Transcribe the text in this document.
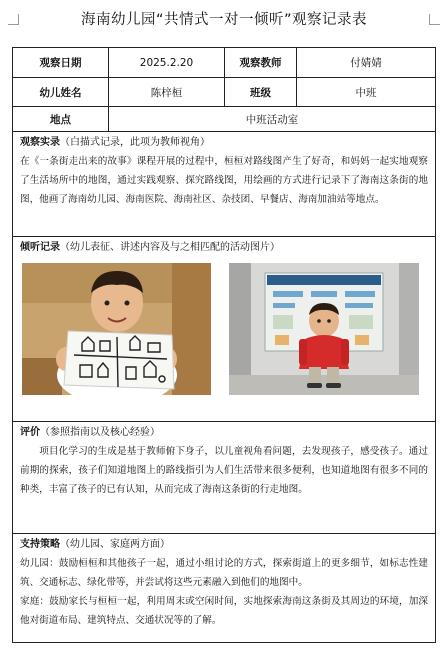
海南幼儿园“共情式一对一倾听”观察记录表
观察日期	2025.2.20	观察教师	付婧婧
幼儿姓名	陈梓桓	班级	中班
地点	中班活动室
观察实录（白描式记录，此项为教师视角）

在《一条街走出来的故事》课程开展的过程中，桓桓对路线图产生了好奇，和妈妈一起实地观察了生活场所中的地图，通过实践观察、探究路线图，用绘画的方式进行记录下了海南这条街的地图，他画了海南幼儿园、海南医院、海南社区、杂技团、早餐店、海南加油站等地点。

倾听记录（幼儿表征、讲述内容及与之相匹配的活动图片）
评价（参照指南以及核心经验）

项目化学习的生成是基于教师俯下身子，以儿童视角看问题，去发现孩子，感受孩子。通过前期的探索，孩子们知道地图上的路线指引为人们生活带来很多便利，也知道地图有很多不同的种类，丰富了孩子的已有认知，从而完成了海南这条街的行走地图。

支持策略（幼儿园、家庭两方面）

幼儿园：鼓励桓桓和其他孩子一起，通过小组讨论的方式，探索街道上的更多细节，如标志性建筑、交通标志、绿化带等，并尝试将这些元素融入到他们的地图中。

家庭：鼓励家长与桓桓一起，利用周末或空闲时间，实地探索海南这条街及其周边的环境，加深他对街道布局、建筑特点、交通状况等的了解。
